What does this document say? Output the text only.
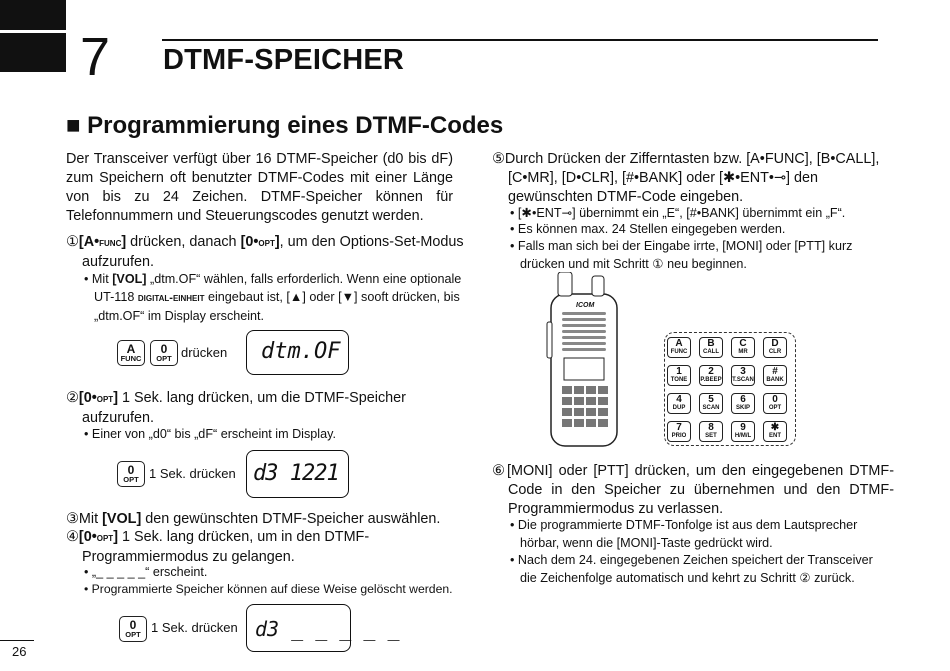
7 DTMF-SPEICHER
■ Programmierung eines DTMF-Codes
Der Transceiver verfügt über 16 DTMF-Speicher (d0 bis dF) zum Speichern oft benutzter DTMF-Codes mit einer Länge von bis zu 24 Zeichen. DTMF-Speicher können für Telefonnummern und Steuerungscodes genutzt werden.
①[A•func] drücken, danach [0•opt], um den Options-Set-Modus aufzurufen.
• Mit [VOL] „dtm.OF“ wählen, falls erforderlich. Wenn eine optionale UT-118 digital-einheit eingebaut ist, [▲] oder [▼] sooft drücken, bis „dtm.OF“ im Display erscheint.
A
FUNC
0
OPT drücken dtm.OF
②[0•opt] 1 Sek. lang drücken, um die DTMF-Speicher aufzurufen.
• Einer von „d0“ bis „dF“ erscheint im Display.
0
OPT 1 Sek. drücken d3 1221
③Mit [VOL] den gewünschten DTMF-Speicher auswählen.
④[0•opt] 1 Sek. lang drücken, um in den DTMF-Programmiermodus zu gelangen.
• „_ _ _ _ _“ erscheint.
• Programmierte Speicher können auf diese Weise gelöscht werden.
0
OPT 1 Sek. drücken d3 _ _ _ _ _
26
⑤Durch Drücken der Zifferntasten bzw. [A•FUNC], [B•CALL], [C•MR], [D•CLR], [#•BANK] oder [✱•ENT•⊸] den gewünschten DTMF-Code eingeben.
• [✱•ENT⊸] übernimmt ein „E“, [#•BANK] übernimmt ein „F“.
• Es können max. 24 Stellen eingegeben werden.
• Falls man sich bei der Eingabe irrte, [MONI] oder [PTT] kurz drücken und mit Schritt ① neu beginnen.
ICOM
A
FUNC
B
CALL
C
MR
D
CLR
1
TONE
2
P.BEEP
3
T.SCAN
#
BANK
4
DUP
5
SCAN
6
SKIP
0
OPT
7
PRIO
8
SET
9
H/M/L
✱
ENT
⑥[MONI] oder [PTT] drücken, um den eingegebenen DTMF-Code in den Speicher zu übernehmen und den DTMF-Programmiermodus zu verlassen.
• Die programmierte DTMF-Tonfolge ist aus dem Lautsprecher hörbar, wenn die [MONI]-Taste gedrückt wird.
• Nach dem 24. eingegebenen Zeichen speichert der Transceiver die Zeichenfolge automatisch und kehrt zu Schritt ② zurück.
